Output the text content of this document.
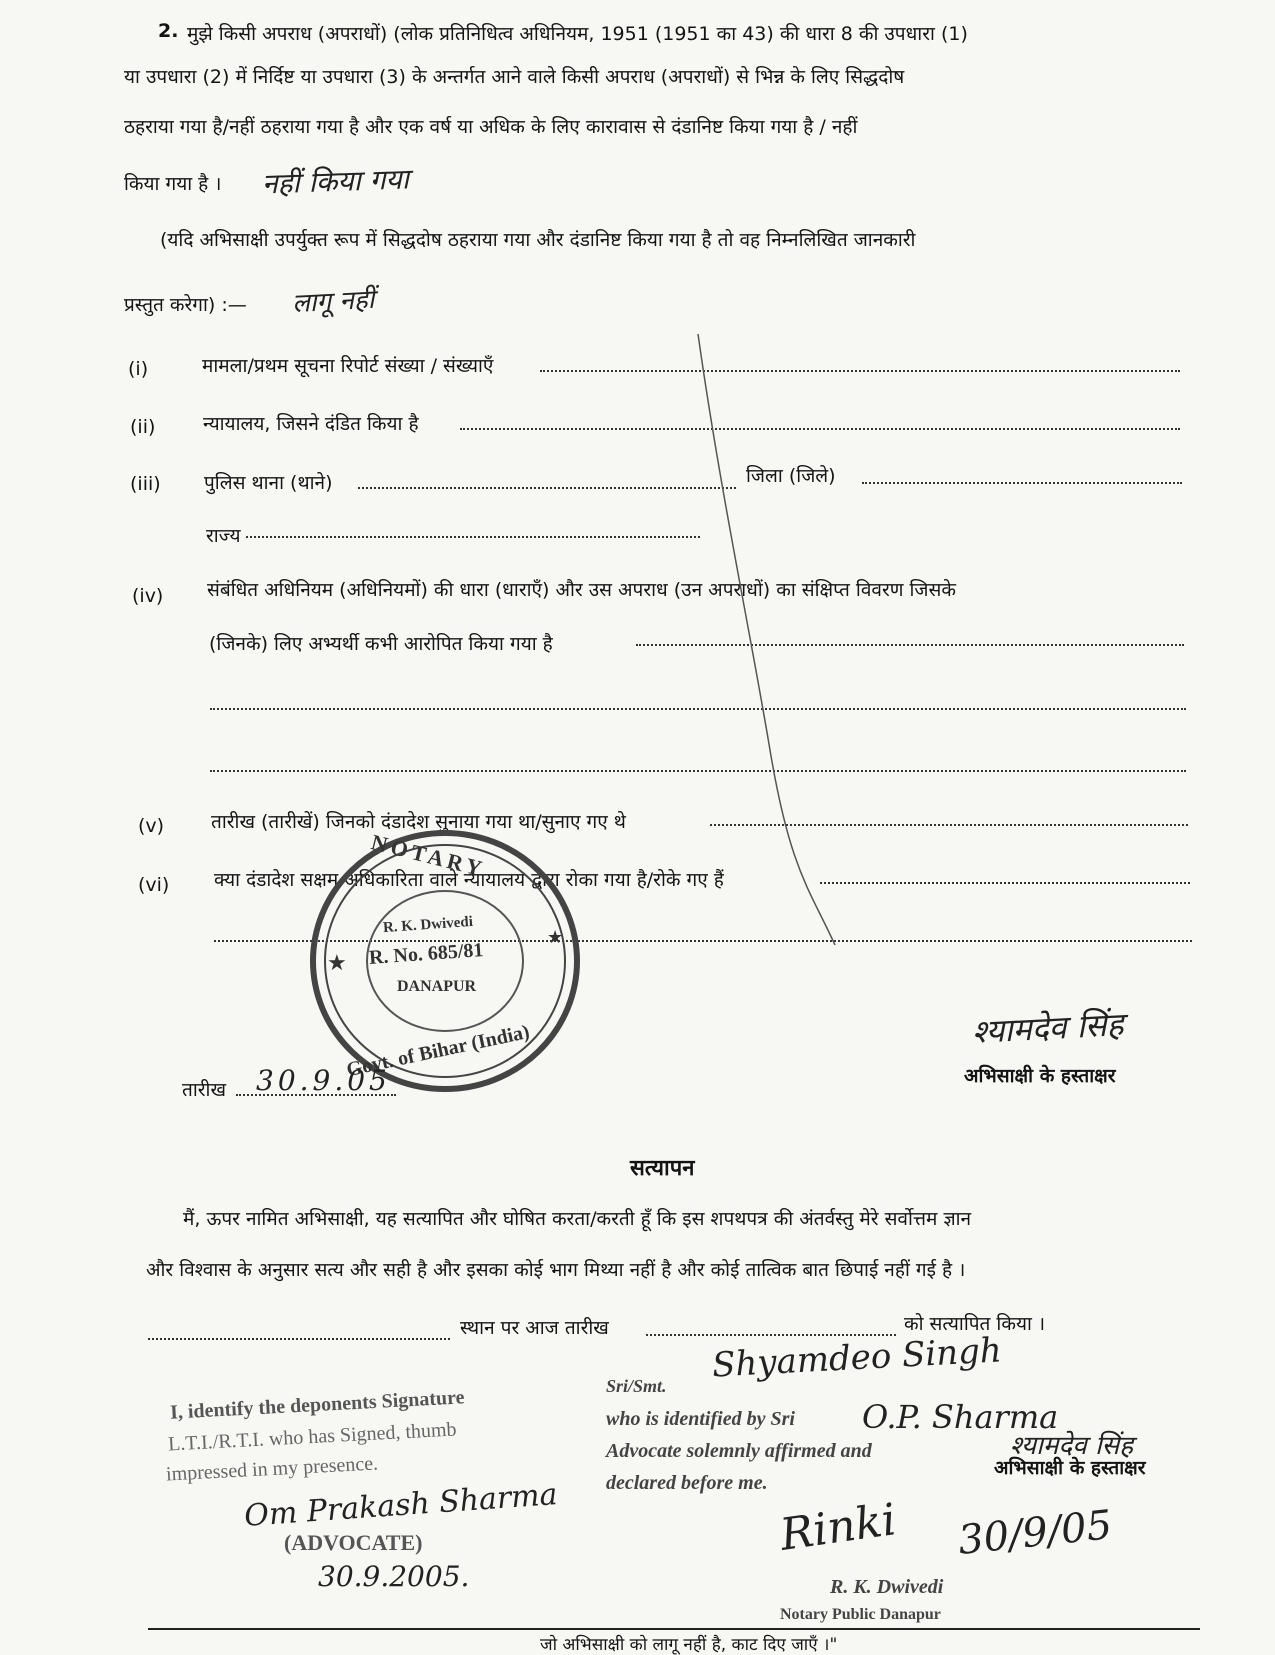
2. मुझे किसी अपराध (अपराधों) (लोक प्रतिनिधित्व अधिनियम, 1951 (1951 का 43) की धारा 8 की उपधारा (1)
या उपधारा (2) में निर्दिष्ट या उपधारा (3) के अन्तर्गत आने वाले किसी अपराध (अपराधों) से भिन्न के लिए सिद्धदोष
ठहराया गया है/नहीं ठहराया गया है और एक वर्ष या अधिक के लिए कारावास से दंडानिष्ट किया गया है / नहीं
किया गया है । नहीं किया गया
(यदि अभिसाक्षी उपर्युक्त रूप में सिद्धदोष ठहराया गया और दंडानिष्ट किया गया है तो वह निम्नलिखित जानकारी
प्रस्तुत करेगा) :— लागू नहीं
(i)	मामला/प्रथम सूचना रिपोर्ट संख्या / संख्याएँ
(ii)	न्यायालय, जिसने दंडित किया है
(iii) पुलिस थाना (थाने)	जिला (जिले)
राज्य
(iv) संबंधित अधिनियम (अधिनियमों) की धारा (धाराएँ) और उस अपराध (उन अपराधों) का संक्षिप्त विवरण जिसके
(जिनके) लिए अभ्यर्थी कभी आरोपित किया गया है
(v) तारीख (तारीखें) जिनको दंडादेश सुनाया गया था/सुनाए गए थे
(vi) क्या दंडादेश सक्षम अधिकारिता वाले न्यायालय द्वारा रोका गया है/रोके गए हैं
★
★
NOTARY
R. K. Dwivedi
R. No. 685/81
DANAPUR
Govt. of Bihar (India)
तारीख 30.9.05
श्यामदेव सिंह
अभिसाक्षी के हस्ताक्षर
सत्यापन
मैं, ऊपर नामित अभिसाक्षी, यह सत्यापित और घोषित करता/करती हूँ कि इस शपथपत्र की अंतर्वस्तु मेरे सर्वोत्तम ज्ञान
और विश्वास के अनुसार सत्य और सही है और इसका कोई भाग मिथ्या नहीं है और कोई तात्विक बात छिपाई नहीं गई है ।
स्थान पर आज तारीख	को सत्यापित किया ।
I, identify the deponents Signature
L.T.I./R.T.I. who has Signed, thumb
impressed in my presence.
Om Prakash Sharma
(ADVOCATE)
30.9.2005.
Sri/Smt.
Shyamdeo Singh
who is identified by Sri O.P. Sharma
Advocate solemnly affirmed and	श्यामदेव सिंह
declared before me.
अभिसाक्षी के हस्ताक्षर
Rinki 30/9/05
R. K. Dwivedi
Notary Public Danapur
जो अभिसाक्षी को लागू नहीं है, काट दिए जाएँ ।"
